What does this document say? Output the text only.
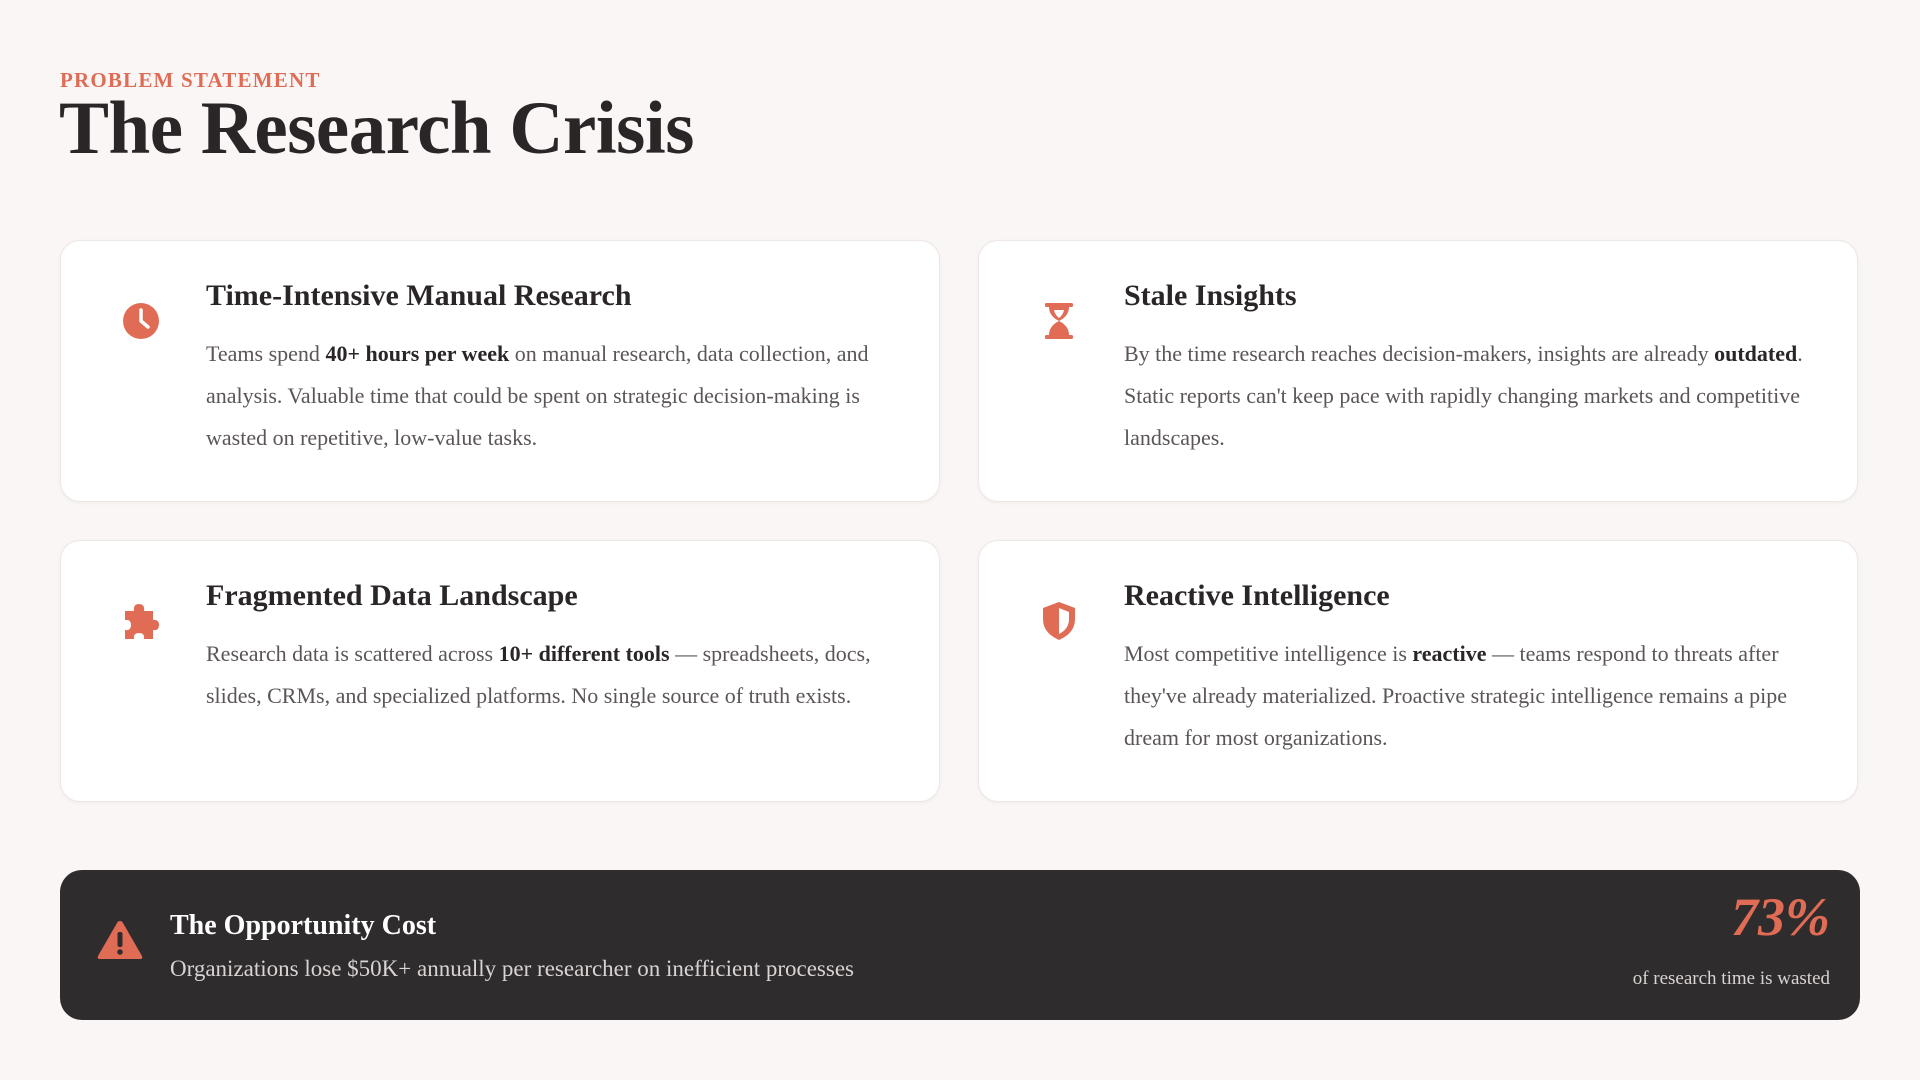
PROBLEM STATEMENT
The Research Crisis
Time-Intensive Manual Research
Teams spend 40+ hours per week on manual research, data collection, and analysis. Valuable time that could be spent on strategic decision-making is wasted on repetitive, low-value tasks.
Stale Insights
By the time research reaches decision-makers, insights are already outdated. Static reports can't keep pace with rapidly changing markets and competitive landscapes.
Fragmented Data Landscape
Research data is scattered across 10+ different tools — spreadsheets, docs, slides, CRMs, and specialized platforms. No single source of truth exists.
Reactive Intelligence
Most competitive intelligence is reactive — teams respond to threats after they've already materialized. Proactive strategic intelligence remains a pipe dream for most organizations.
The Opportunity Cost
Organizations lose $50K+ annually per researcher on inefficient processes
73%
of research time is wasted
